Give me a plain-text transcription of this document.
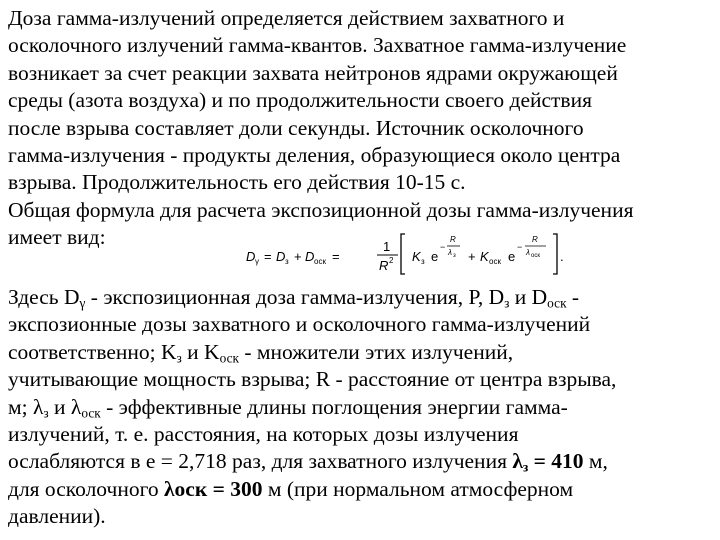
Доза гамма-излучений определяется действием захватного и
осколочного излучений гамма-квантов. Захватное гамма-излучение
возникает за счет реакции захвата нейтронов ядрами окружающей
среды (азота воздуха) и по продолжительности своего действия
после взрыва составляет доли секунды. Источник осколочного
гамма-излучения - продукты деления, образующиеся около центра
взрыва. Продолжительность его действия 10-15 с.
Общая формула для расчета экспозиционной дозы гамма-излучения
имеет вид:
D γ = D з + D оск =
1
R 2 K з e
−
R
λ з + K оск e
−
R
λ оск .
Здесь $D_\gamma$ - экспозиционная доза гамма-излучения, Р, $D_з$ и $D_{оск}$ -
экспозионные дозы захватного и осколочного гамма-излучений
соответственно; $K_з$ и $K_{оск}$ - множители этих излучений,
учитывающие мощность взрыва; R - расстояние от центра взрыва,
м; $\lambda_з$ и $\lambda_{оск}$ - эффективные длины поглощения энергии гамма-
излучений, т. е. расстояния, на которых дозы излучения
ослабляются в е = 2,718 раз, для захватного излучения $\lambda_з = 410$ м,
для осколочного λоск = 300 м (при нормальном атмосферном
давлении).
